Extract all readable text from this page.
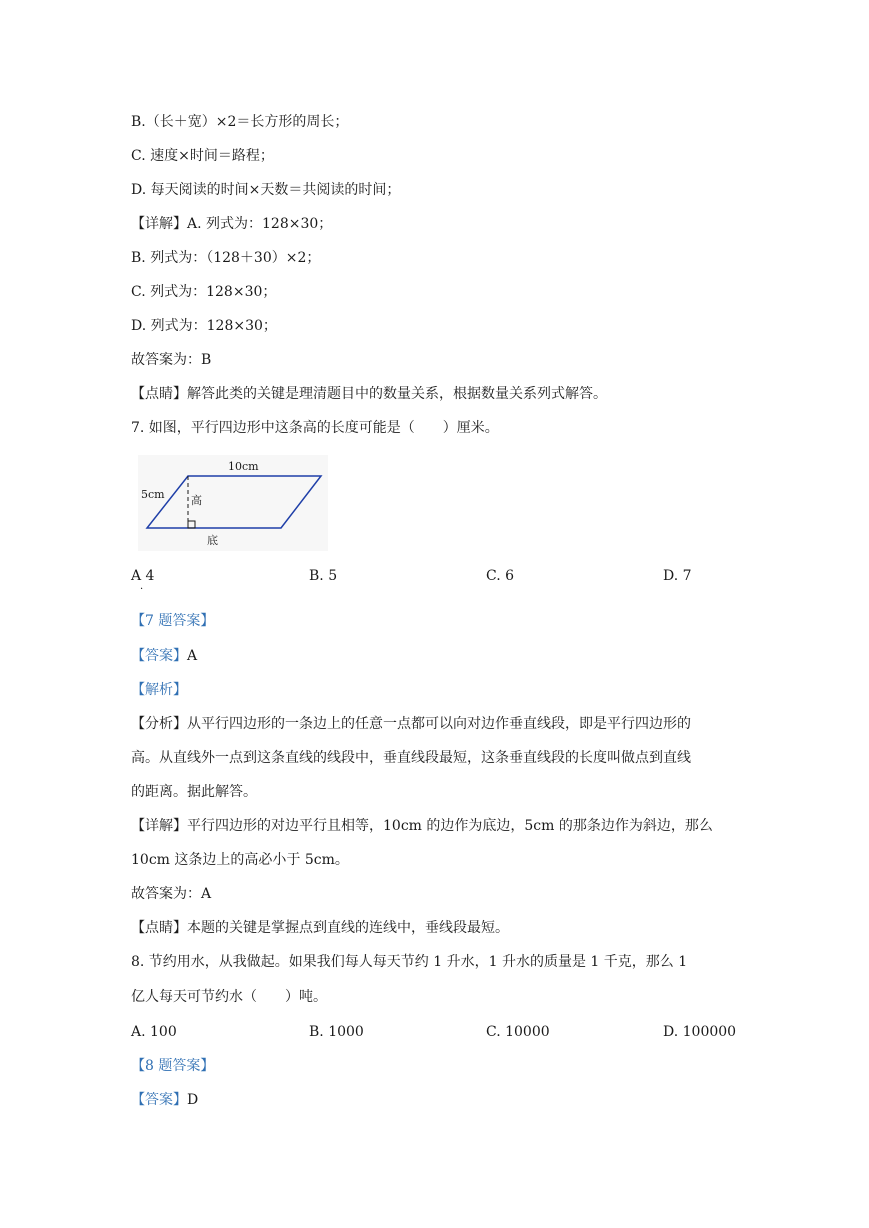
B.（长＋宽）×2＝长方形的周长；
C. 速度×时间＝路程；
D. 每天阅读的时间×天数＝共阅读的时间；
【详解】A. 列式为：128×30；
B. 列式为：（128＋30）×2；
C. 列式为：128×30；
D. 列式为：128×30；
故答案为：B
【点睛】解答此类的关键是理清题目中的数量关系，根据数量关系列式解答。
7. 如图，平行四边形中这条高的长度可能是（　　）厘米。
10cm
5cm 高
底
A 4
·
B. 5	C. 6	D. 7
【7 题答案】
【答案】A
【解析】
【分析】从平行四边形的一条边上的任意一点都可以向对边作垂直线段，即是平行四边形的
高。从直线外一点到这条直线的线段中，垂直线段最短，这条垂直线段的长度叫做点到直线
的距离。据此解答。
【详解】平行四边形的对边平行且相等，10cm 的边作为底边，5cm 的那条边作为斜边，那么
10cm 这条边上的高必小于 5cm。
故答案为：A
【点睛】本题的关键是掌握点到直线的连线中，垂线段最短。
8. 节约用水，从我做起。如果我们每人每天节约 1 升水，1 升水的质量是 1 千克，那么 1
亿人每天可节约水（　　）吨。
A. 100	B. 1000	C. 10000	D. 100000
【8 题答案】
【答案】D
